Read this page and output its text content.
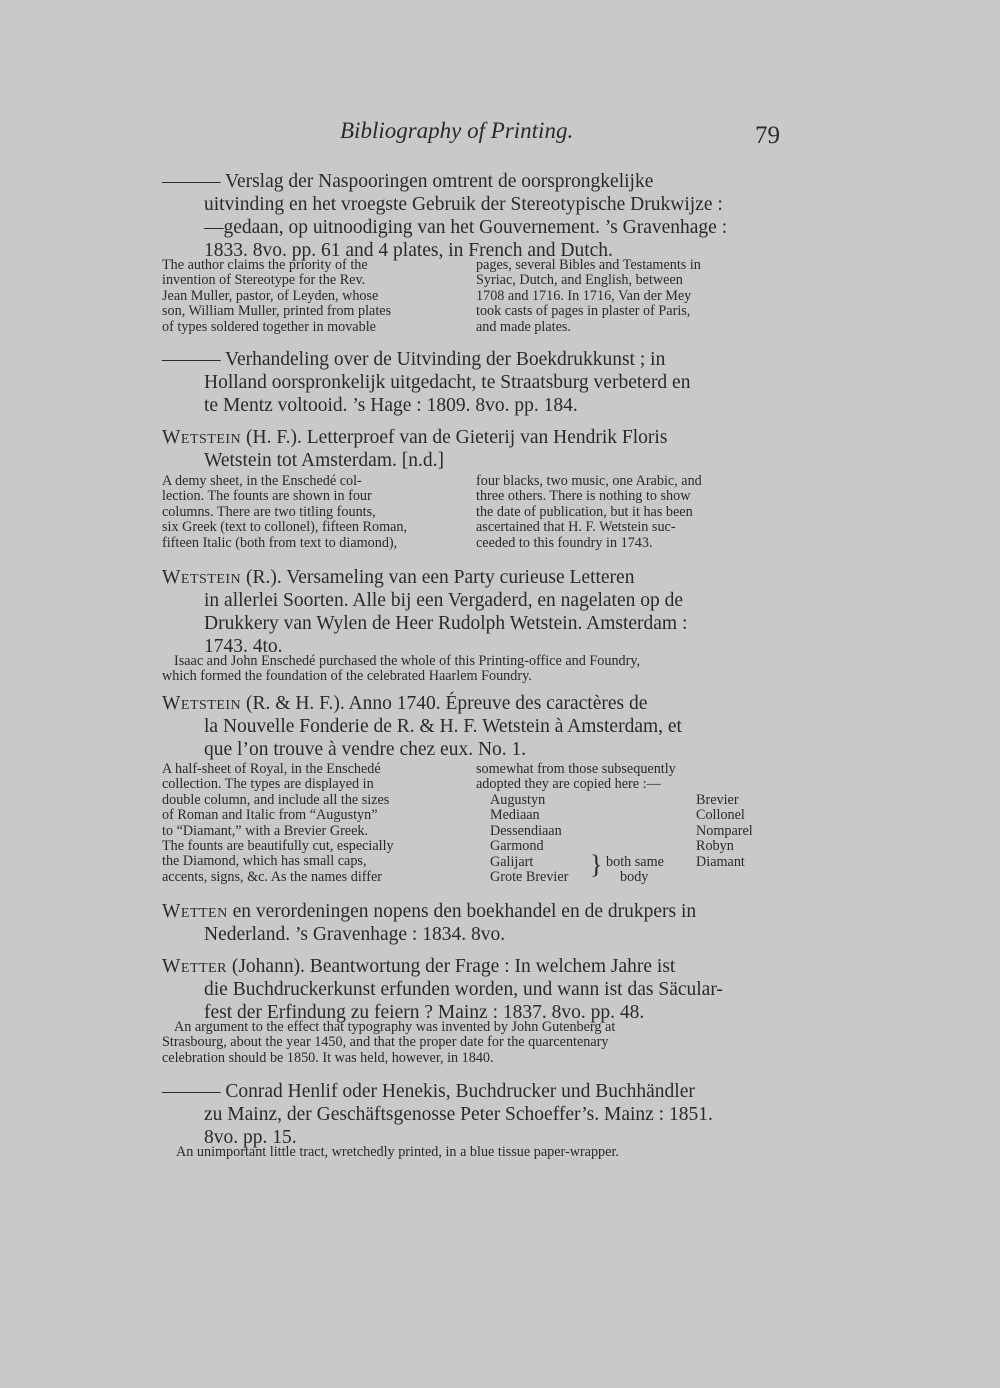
Bibliography of Printing.	79
——— Verslag der Naspooringen omtrent de oorsprongkelijke
uitvinding en het vroegste Gebruik der Stereotypische Drukwijze :
—gedaan, op uitnoodiging van het Gouvernement. ’s Gravenhage :
1833. 8vo. pp. 61 and 4 plates, in French and Dutch.
The author claims the priority of the
invention of Stereotype for the Rev.
Jean Muller, pastor, of Leyden, whose
son, William Muller, printed from plates
of types soldered together in movable
pages, several Bibles and Testaments in
Syriac, Dutch, and English, between
1708 and 1716. In 1716, Van der Mey
took casts of pages in plaster of Paris,
and made plates.
——— Verhandeling over de Uitvinding der Boekdrukkunst ; in
Holland oorspronkelijk uitgedacht, te Straatsburg verbeterd en
te Mentz voltooid. ’s Hage : 1809. 8vo. pp. 184.
Wetstein (H. F.). Letterproef van de Gieterij van Hendrik Floris
Wetstein tot Amsterdam. [n.d.]
A demy sheet, in the Enschedé col-
lection. The founts are shown in four
columns. There are two titling founts,
six Greek (text to collonel), fifteen Roman,
fifteen Italic (both from text to diamond),
four blacks, two music, one Arabic, and
three others. There is nothing to show
the date of publication, but it has been
ascertained that H. F. Wetstein suc-
ceeded to this foundry in 1743.
Wetstein (R.). Versameling van een Party curieuse Letteren
in allerlei Soorten. Alle bij een Vergaderd, en nagelaten op de
Drukkery van Wylen de Heer Rudolph Wetstein. Amsterdam :
1743. 4to.
Isaac and John Enschedé purchased the whole of this Printing-office and Foundry,
which formed the foundation of the celebrated Haarlem Foundry.
Wetstein (R. & H. F.). Anno 1740. Épreuve des caractères de
la Nouvelle Fonderie de R. & H. F. Wetstein à Amsterdam, et
que l’on trouve à vendre chez eux. No. 1.
A half-sheet of Royal, in the Enschedé
collection. The types are displayed in
double column, and include all the sizes
of Roman and Italic from “Augustyn”
to “Diamant,” with a Brevier Greek.
The founts are beautifully cut, especially
the Diamond, which has small caps,
accents, signs, &c. As the names differ
somewhat from those subsequently
adopted they are copied here :—
Augustyn	Brevier
Mediaan	Collonel
Dessendiaan	Nomparel
Garmond	Robyn
Galijart	Diamant
Grote Brevier } both same
body
Wetten en verordeningen nopens den boekhandel en de drukpers in
Nederland. ’s Gravenhage : 1834. 8vo.
Wetter (Johann). Beantwortung der Frage : In welchem Jahre ist
die Buchdruckerkunst erfunden worden, und wann ist das Säcular-
fest der Erfindung zu feiern ? Mainz : 1837. 8vo. pp. 48.
An argument to the effect that typography was invented by John Gutenberg at
Strasbourg, about the year 1450, and that the proper date for the quarcentenary
celebration should be 1850. It was held, however, in 1840.
——— Conrad Henlif oder Henekis, Buchdrucker und Buchhändler
zu Mainz, der Geschäftsgenosse Peter Schoeffer’s. Mainz : 1851.
8vo. pp. 15.
An unimportant little tract, wretchedly printed, in a blue tissue paper-wrapper.
